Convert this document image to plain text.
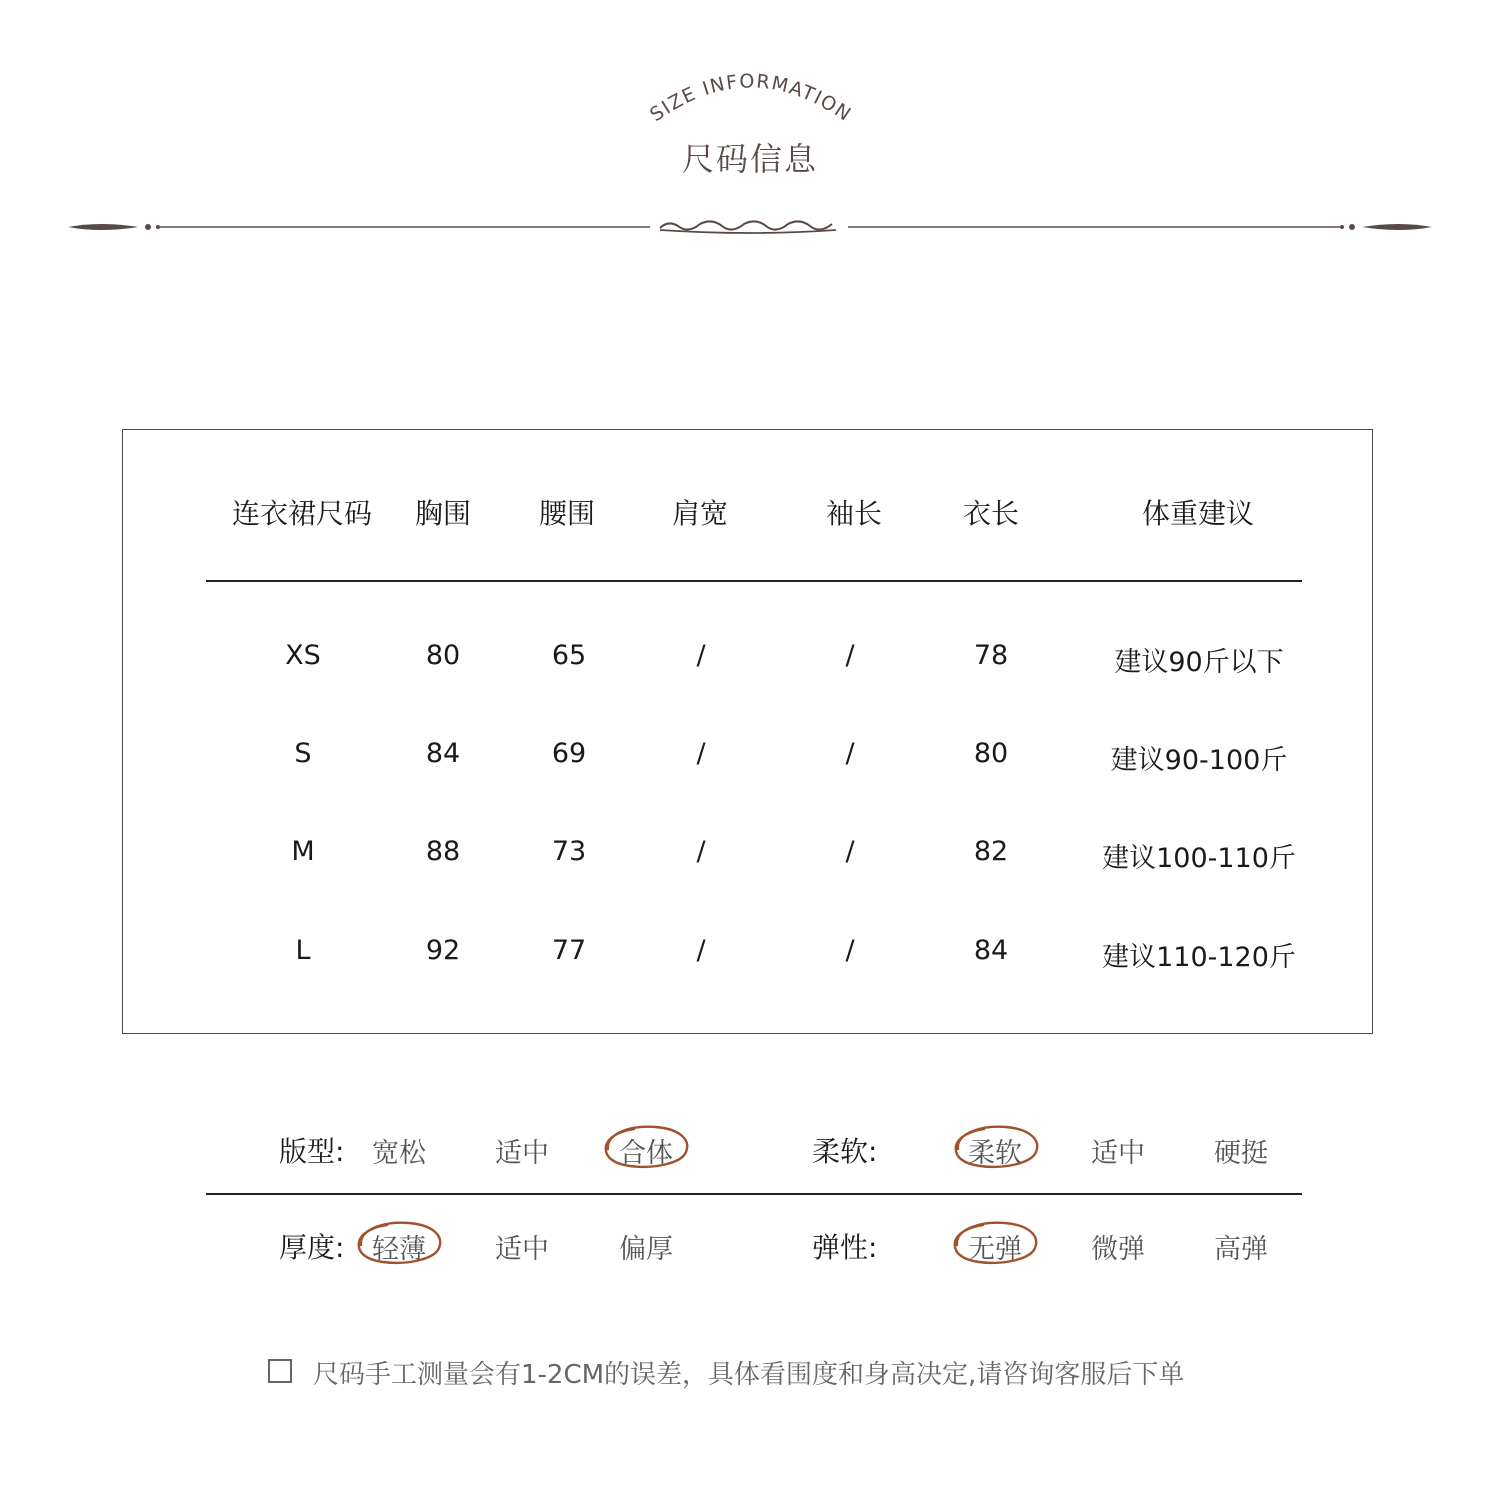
SIZE INFORMATION
尺码信息
连衣裙尺码 胸围 腰围	肩宽	袖长	衣长	体重建议
XS	80	65	/	/	78	建议90斤以下
S	84	69	/	/	80	建议90-100斤
M	88	73	/	/	82	建议100-110斤
L	92	77	/	/	84	建议110-120斤
版型: 宽松	适中	合体	柔软:	柔软	适中	硬挺
厚度: 轻薄	适中	偏厚	弹性:	无弹	微弹	高弹
尺码手工测量会有1-2CM的误差，具体看围度和身高决定,请咨询客服后下单
